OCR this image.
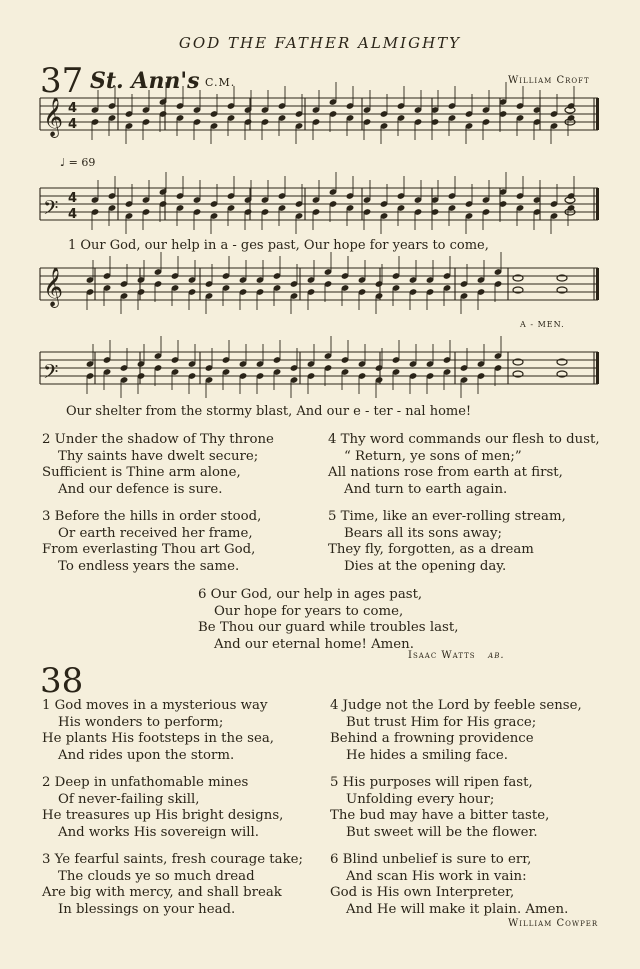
GOD THE FATHER ALMIGHTY
37 St. Ann's C.M.	William Croft
♩ = 69
𝄞 4
4
𝄢 4
4
𝄞
𝄢
1 Our God, our help in a - ges past, Our hope for years to come,
A - MEN.
Our shelter from the stormy blast, And our e - ter - nal home!
2 Under the shadow of Thy throne
Thy saints have dwelt secure;
Sufficient is Thine arm alone,
And our defence is sure.
3 Before the hills in order stood,
Or earth received her frame,
From everlasting Thou art God,
To endless years the same.
4 Thy word commands our flesh to dust,
“ Return, ye sons of men;”
All nations rose from earth at first,
And turn to earth again.
5 Time, like an ever-rolling stream,
Bears all its sons away;
They fly, forgotten, as a dream
Dies at the opening day.
6 Our God, our help in ages past,
Our hope for years to come,
Be Thou our guard while troubles last,
And our eternal home! Amen.
Isaac Watts ab.
38
1 God moves in a mysterious way
His wonders to perform;
He plants His footsteps in the sea,
And rides upon the storm.
2 Deep in unfathomable mines
Of never-failing skill,
He treasures up His bright designs,
And works His sovereign will.
3 Ye fearful saints, fresh courage take;
The clouds ye so much dread
Are big with mercy, and shall break
In blessings on your head.
4 Judge not the Lord by feeble sense,
But trust Him for His grace;
Behind a frowning providence
He hides a smiling face.
5 His purposes will ripen fast,
Unfolding every hour;
The bud may have a bitter taste,
But sweet will be the flower.
6 Blind unbelief is sure to err,
And scan His work in vain:
God is His own Interpreter,
And He will make it plain. Amen.
William Cowper
